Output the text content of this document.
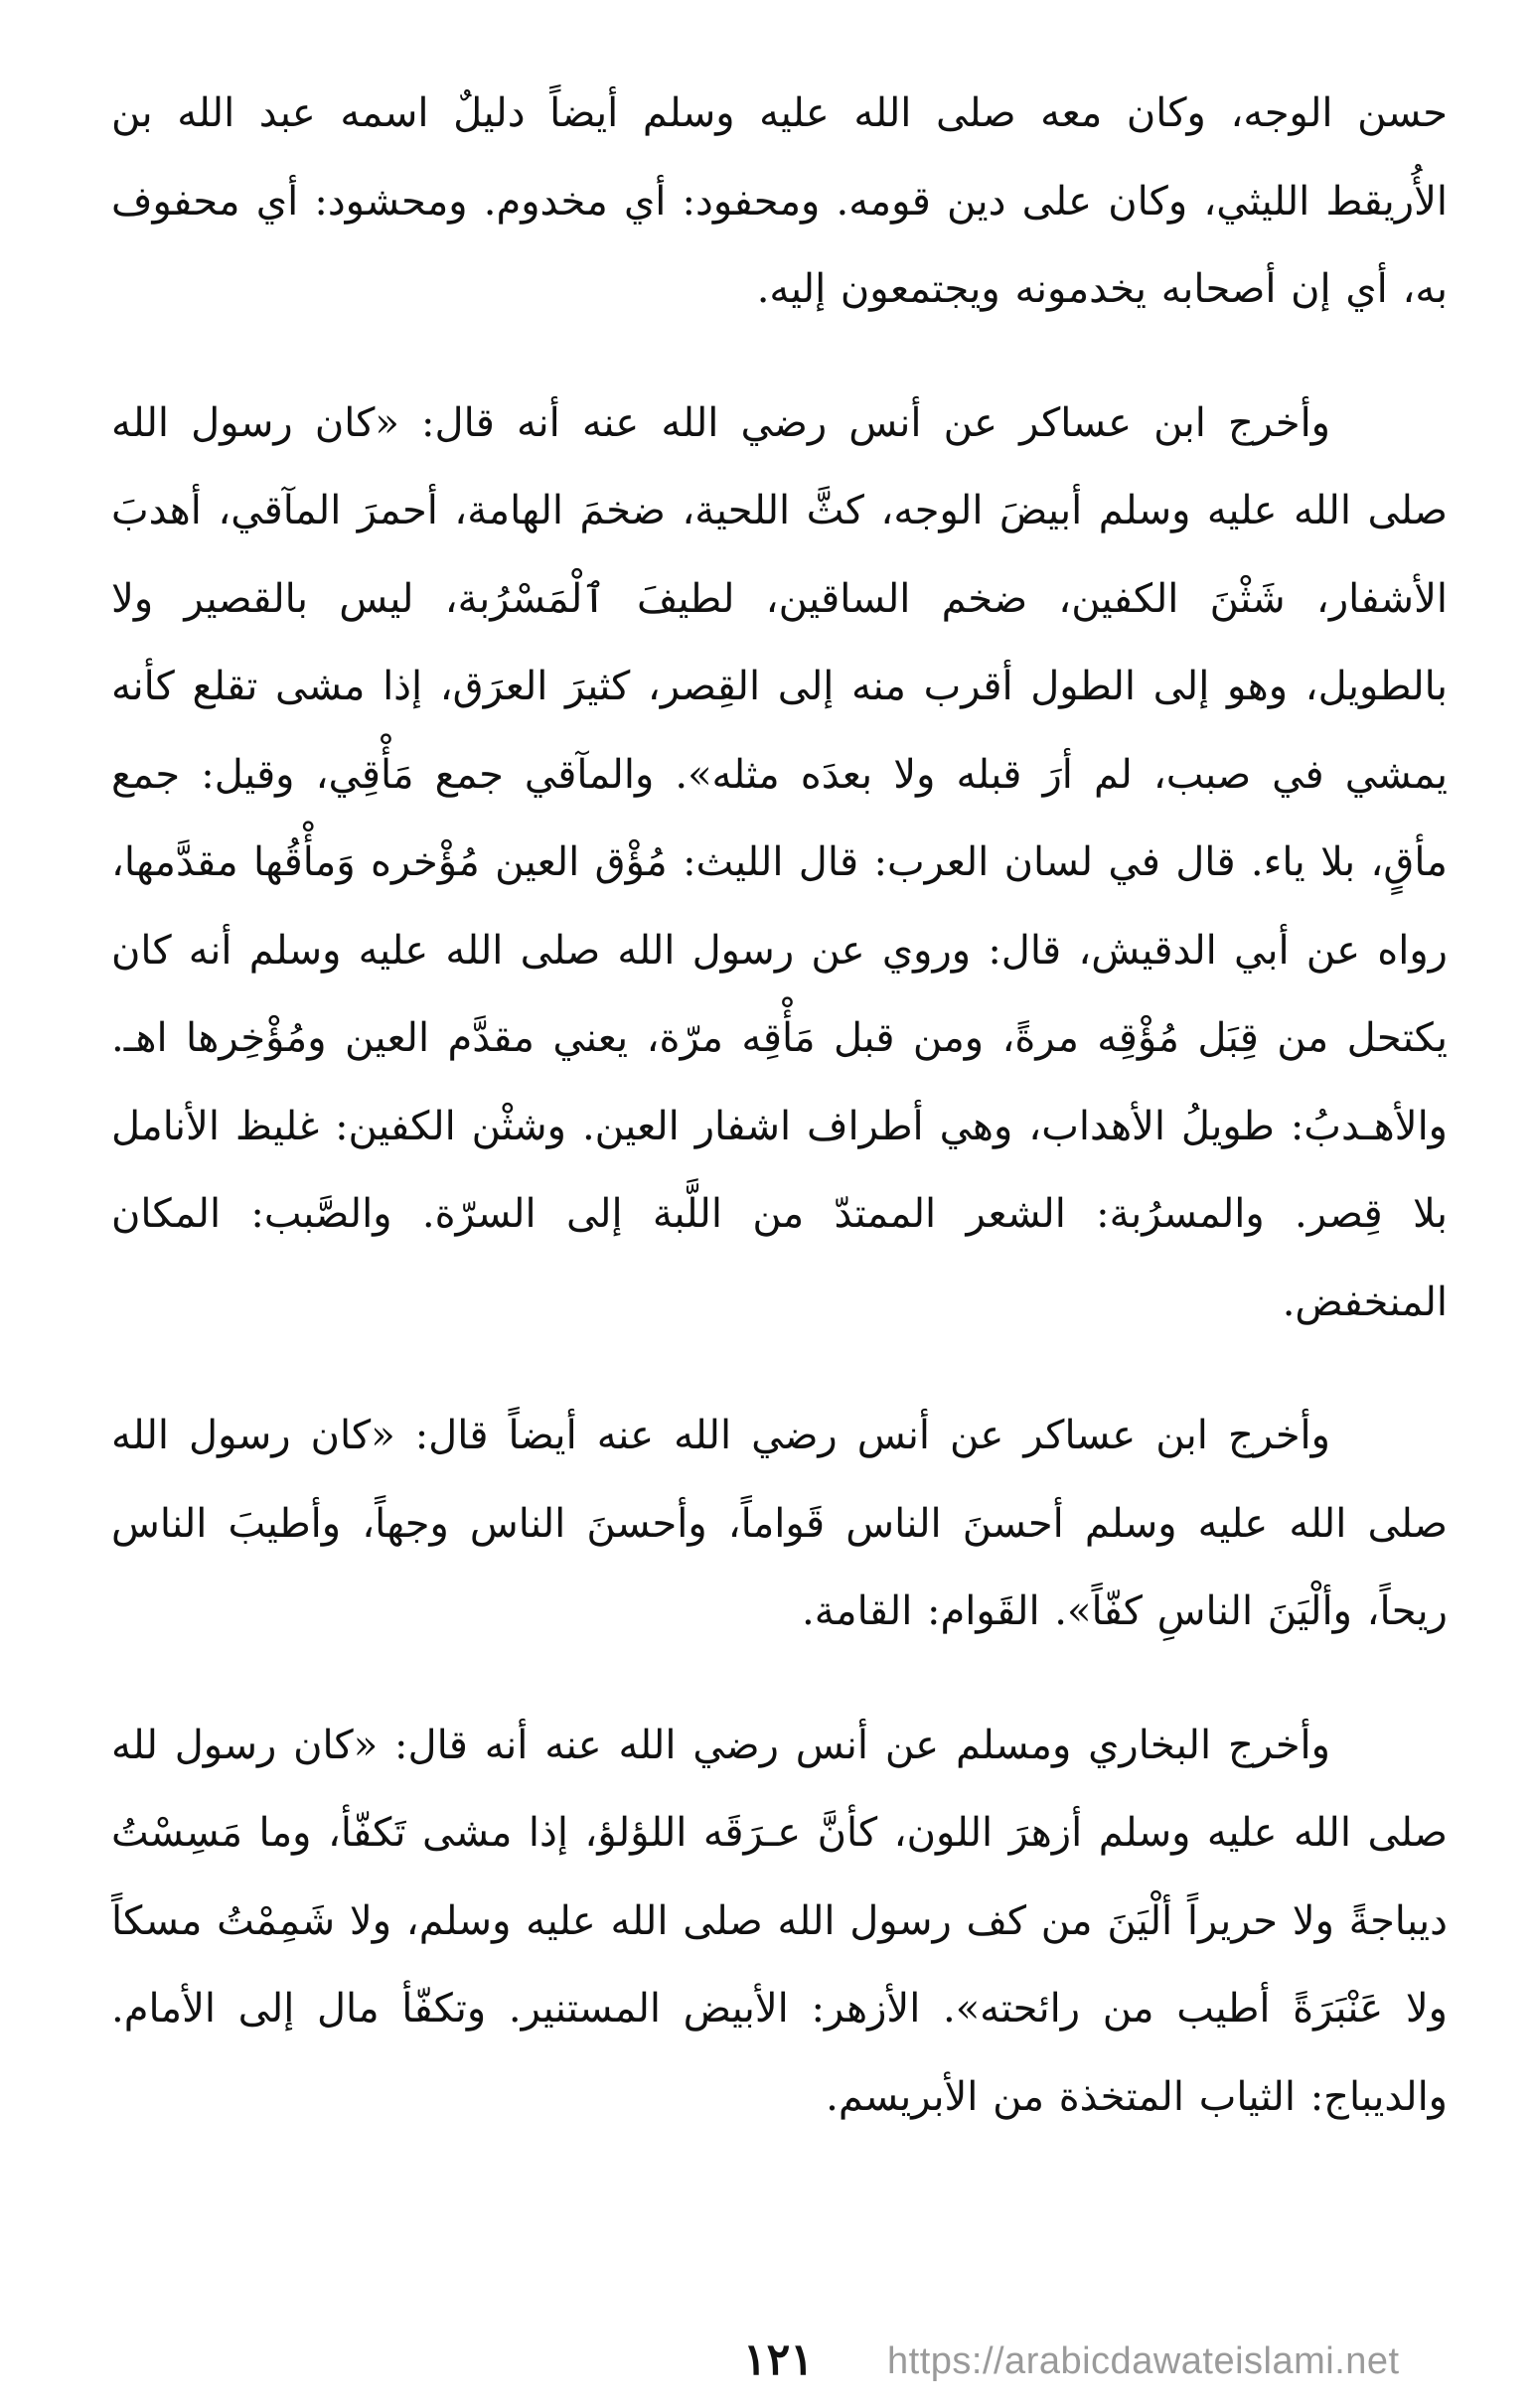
حسن الوجه، وكان معه صلى الله عليه وسلم أيضاً دليلٌ اسمه عبد الله بن الأُريقط الليثي، وكان على دين قومه. ومحفود: أي مخدوم. ومحشود: أي محفوف به، أي إن أصحابه يخدمونه ويجتمعون إليه.

وأخرج ابن عساكر عن أنس رضي الله عنه أنه قال: «كان رسول الله صلى الله عليه وسلم أبيضَ الوجه، كثَّ اللحية، ضخمَ الهامة، أحمرَ المآقي، أهدبَ الأشفار، شَثْنَ الكفين، ضخم الساقين، لطيفَ ٱلْمَسْرُبة، ليس بالقصير ولا بالطويل، وهو إلى الطول أقرب منه إلى القِصر، كثيرَ العرَق، إذا مشى تقلع كأنه يمشي في صبب، لم أرَ قبله ولا بعدَه مثله». والمآقي جمع مَأْقِي، وقيل: جمع مأقٍ، بلا ياء. قال في لسان العرب: قال الليث: مُؤْق العين مُؤْخره وَمأْقُها مقدَّمها، رواه عن أبي الدقيش، قال: وروي عن رسول الله صلى الله عليه وسلم أنه كان يكتحل من قِبَل مُؤْقِه مرةً، ومن قبل مَأْقِه مرّة، يعني مقدَّم العين ومُؤْخِرها اهـ. والأهـدبُ: طويلُ الأهداب، وهي أطراف اشفار العين. وشثْن الكفين: غليظ الأنامل بلا قِصر. والمسرُبة: الشعر الممتدّ من اللَّبة إلى السرّة. والصَّبب: المكان المنخفض.

وأخرج ابن عساكر عن أنس رضي الله عنه أيضاً قال: «كان رسول الله صلى الله عليه وسلم أحسنَ الناس قَواماً، وأحسنَ الناس وجهاً، وأطيبَ الناس ريحاً، وألْيَنَ الناسِ كفّاً». القَوام: القامة.

وأخرج البخاري ومسلم عن أنس رضي الله عنه أنه قال: «كان رسول لله صلى الله عليه وسلم أزهرَ اللون، كأنَّ عـرَقَه اللؤلؤ، إذا مشى تَكفّأ، وما مَسِسْتُ ديباجةً ولا حريراً ألْيَنَ من كف رسول الله صلى الله عليه وسلم، ولا شَمِمْتُ مسكاً ولا عَنْبَرَةً أطيب من رائحته». الأزهر: الأبيض المستنير. وتكفّأ مال إلى الأمام. والديباج: الثياب المتخذة من الأبريسم.

١٢١ https://arabicdawateislami.net
